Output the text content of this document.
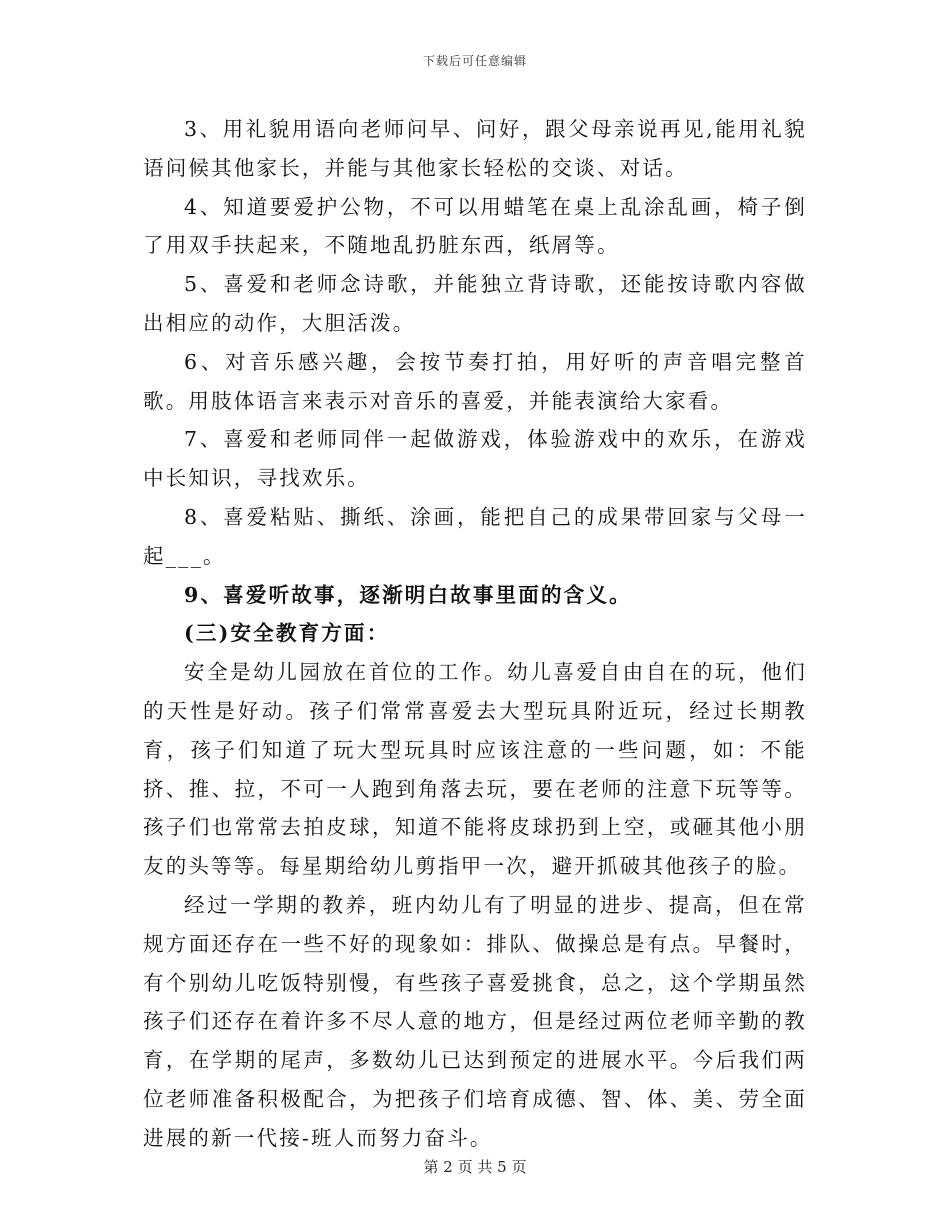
下载后可任意编辑

3、用礼貌用语向老师问早、问好，跟父母亲说再见,能用礼貌语问候其他家长，并能与其他家长轻松的交谈、对话。

4、知道要爱护公物，不可以用蜡笔在桌上乱涂乱画，椅子倒了用双手扶起来，不随地乱扔脏东西，纸屑等。

5、喜爱和老师念诗歌，并能独立背诗歌，还能按诗歌内容做出相应的动作，大胆活泼。

6、对音乐感兴趣，会按节奏打拍，用好听的声音唱完整首歌。用肢体语言来表示对音乐的喜爱，并能表演给大家看。

7、喜爱和老师同伴一起做游戏，体验游戏中的欢乐，在游戏中长知识，寻找欢乐。

8、喜爱粘贴、撕纸、涂画，能把自己的成果带回家与父母一起___。

9、喜爱听故事，逐渐明白故事里面的含义。

(三)安全教育方面：

安全是幼儿园放在首位的工作。幼儿喜爱自由自在的玩，他们的天性是好动。孩子们常常喜爱去大型玩具附近玩，经过长期教育，孩子们知道了玩大型玩具时应该注意的一些问题，如：不能挤、推、拉，不可一人跑到角落去玩，要在老师的注意下玩等等。孩子们也常常去拍皮球，知道不能将皮球扔到上空，或砸其他小朋友的头等等。每星期给幼儿剪指甲一次，避开抓破其他孩子的脸。

经过一学期的教养，班内幼儿有了明显的进步、提高，但在常规方面还存在一些不好的现象如：排队、做操总是有点。早餐时，有个别幼儿吃饭特别慢，有些孩子喜爱挑食，总之，这个学期虽然孩子们还存在着许多不尽人意的地方，但是经过两位老师辛勤的教育，在学期的尾声，多数幼儿已达到预定的进展水平。今后我们两位老师准备积极配合，为把孩子们培育成德、智、体、美、劳全面进展的新一代接-班人而努力奋斗。

第 2 页 共 5 页
